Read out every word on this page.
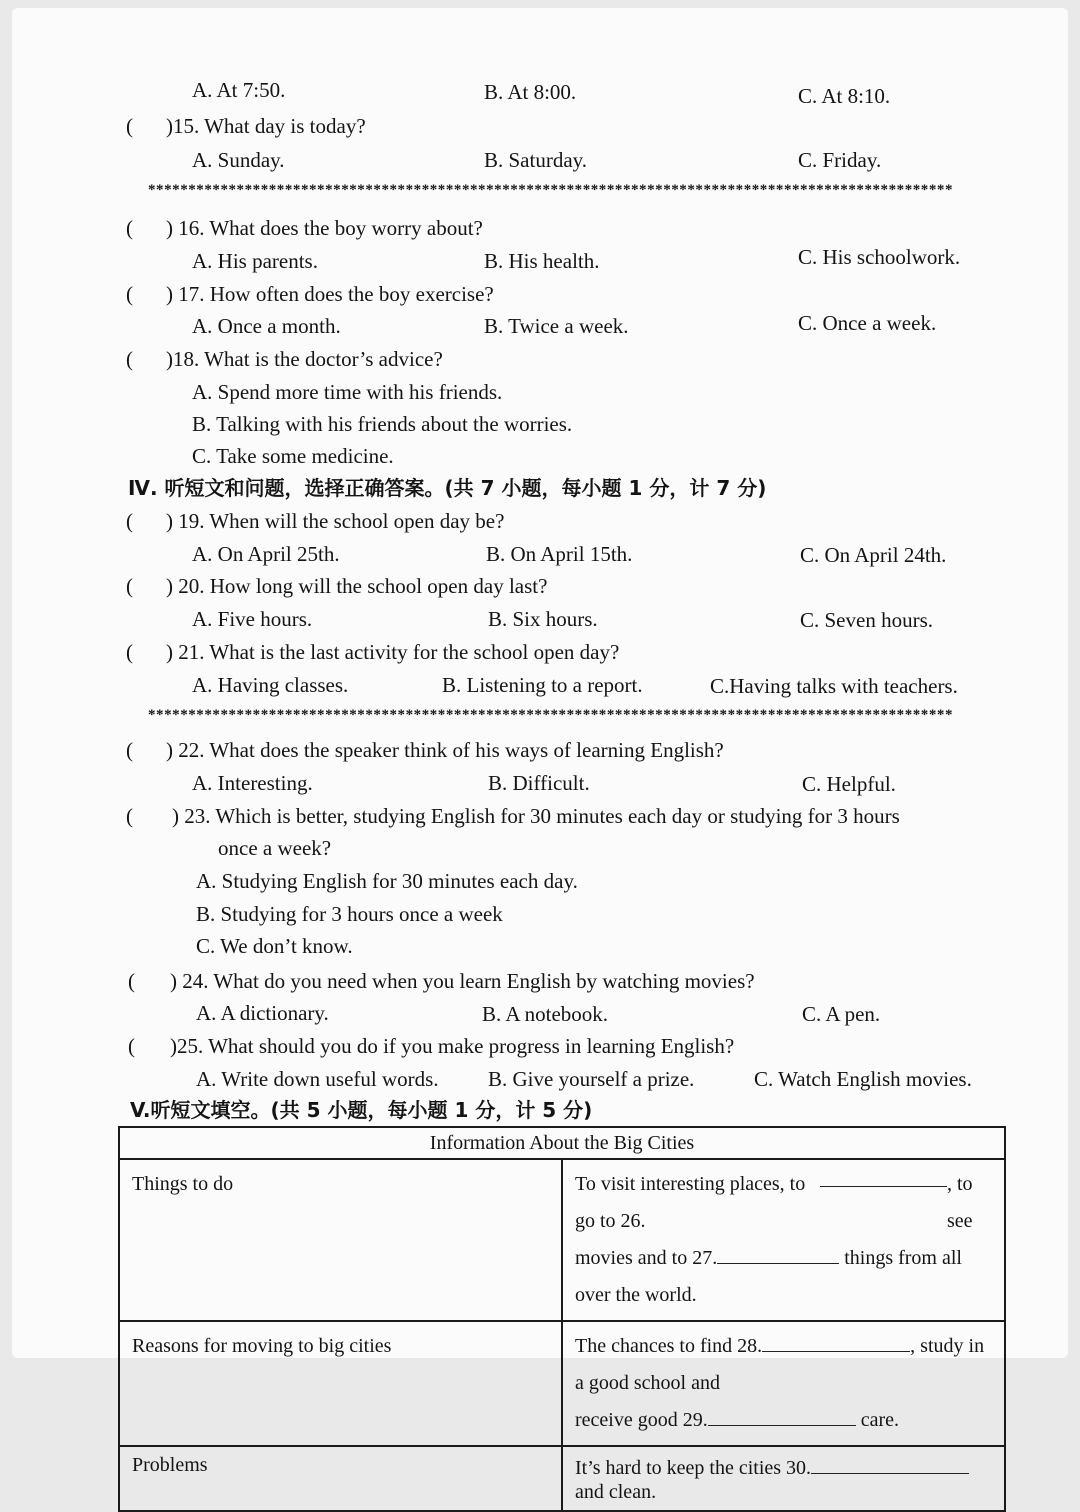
A. At 7:50.	B. At 8:00.	C. At 8:10.
( )15. What day is today?
A. Sunday.	B. Saturday.	C. Friday.
****************************************************************************************************
( ) 16. What does the boy worry about?
A. His parents.	B. His health.	C. His schoolwork.
( ) 17. How often does the boy exercise?
A. Once a month.	B. Twice a week.	C. Once a week.
( )18. What is the doctor’s advice?
A. Spend more time with his friends.
B. Talking with his friends about the worries.
C. Take some medicine.
Ⅳ. 听短文和问题，选择正确答案。(共 7 小题，每小题 1 分，计 7 分)
( ) 19. When will the school open day be?
A. On April 25th.	B. On April 15th.	C. On April 24th.
( ) 20. How long will the school open day last?
A. Five hours.	B. Six hours.	C. Seven hours.
( ) 21. What is the last activity for the school open day?
A. Having classes.	B. Listening to a report.	C.Having talks with teachers.
****************************************************************************************************
( ) 22. What does the speaker think of his ways of learning English?
A. Interesting.	B. Difficult.	C. Helpful.
( ) 23. Which is better, studying English for 30 minutes each day or studying for 3 hours
once a week?
A. Studying English for 30 minutes each day.
B. Studying for 3 hours once a week
C. We don’t know.
( ) 24. What do you need when you learn English by watching movies?
A. A dictionary.	B. A notebook.	C. A pen.
( )25. What should you do if you make progress in learning English?
A. Write down useful words. B. Give yourself a prize.	C. Watch English movies.
V.听短文填空。(共 5 小题，每小题 1 分，计 5 分)
Information About the Big Cities	
Things to do	To visit interesting places, to go to 26.
, to see
movies and to 27. things from all over the world.

Reasons for moving to big cities	The chances to find 28. , study in a good school and
receive good 29. care.

Problems	It’s hard to keep the cities 30. and clean.
